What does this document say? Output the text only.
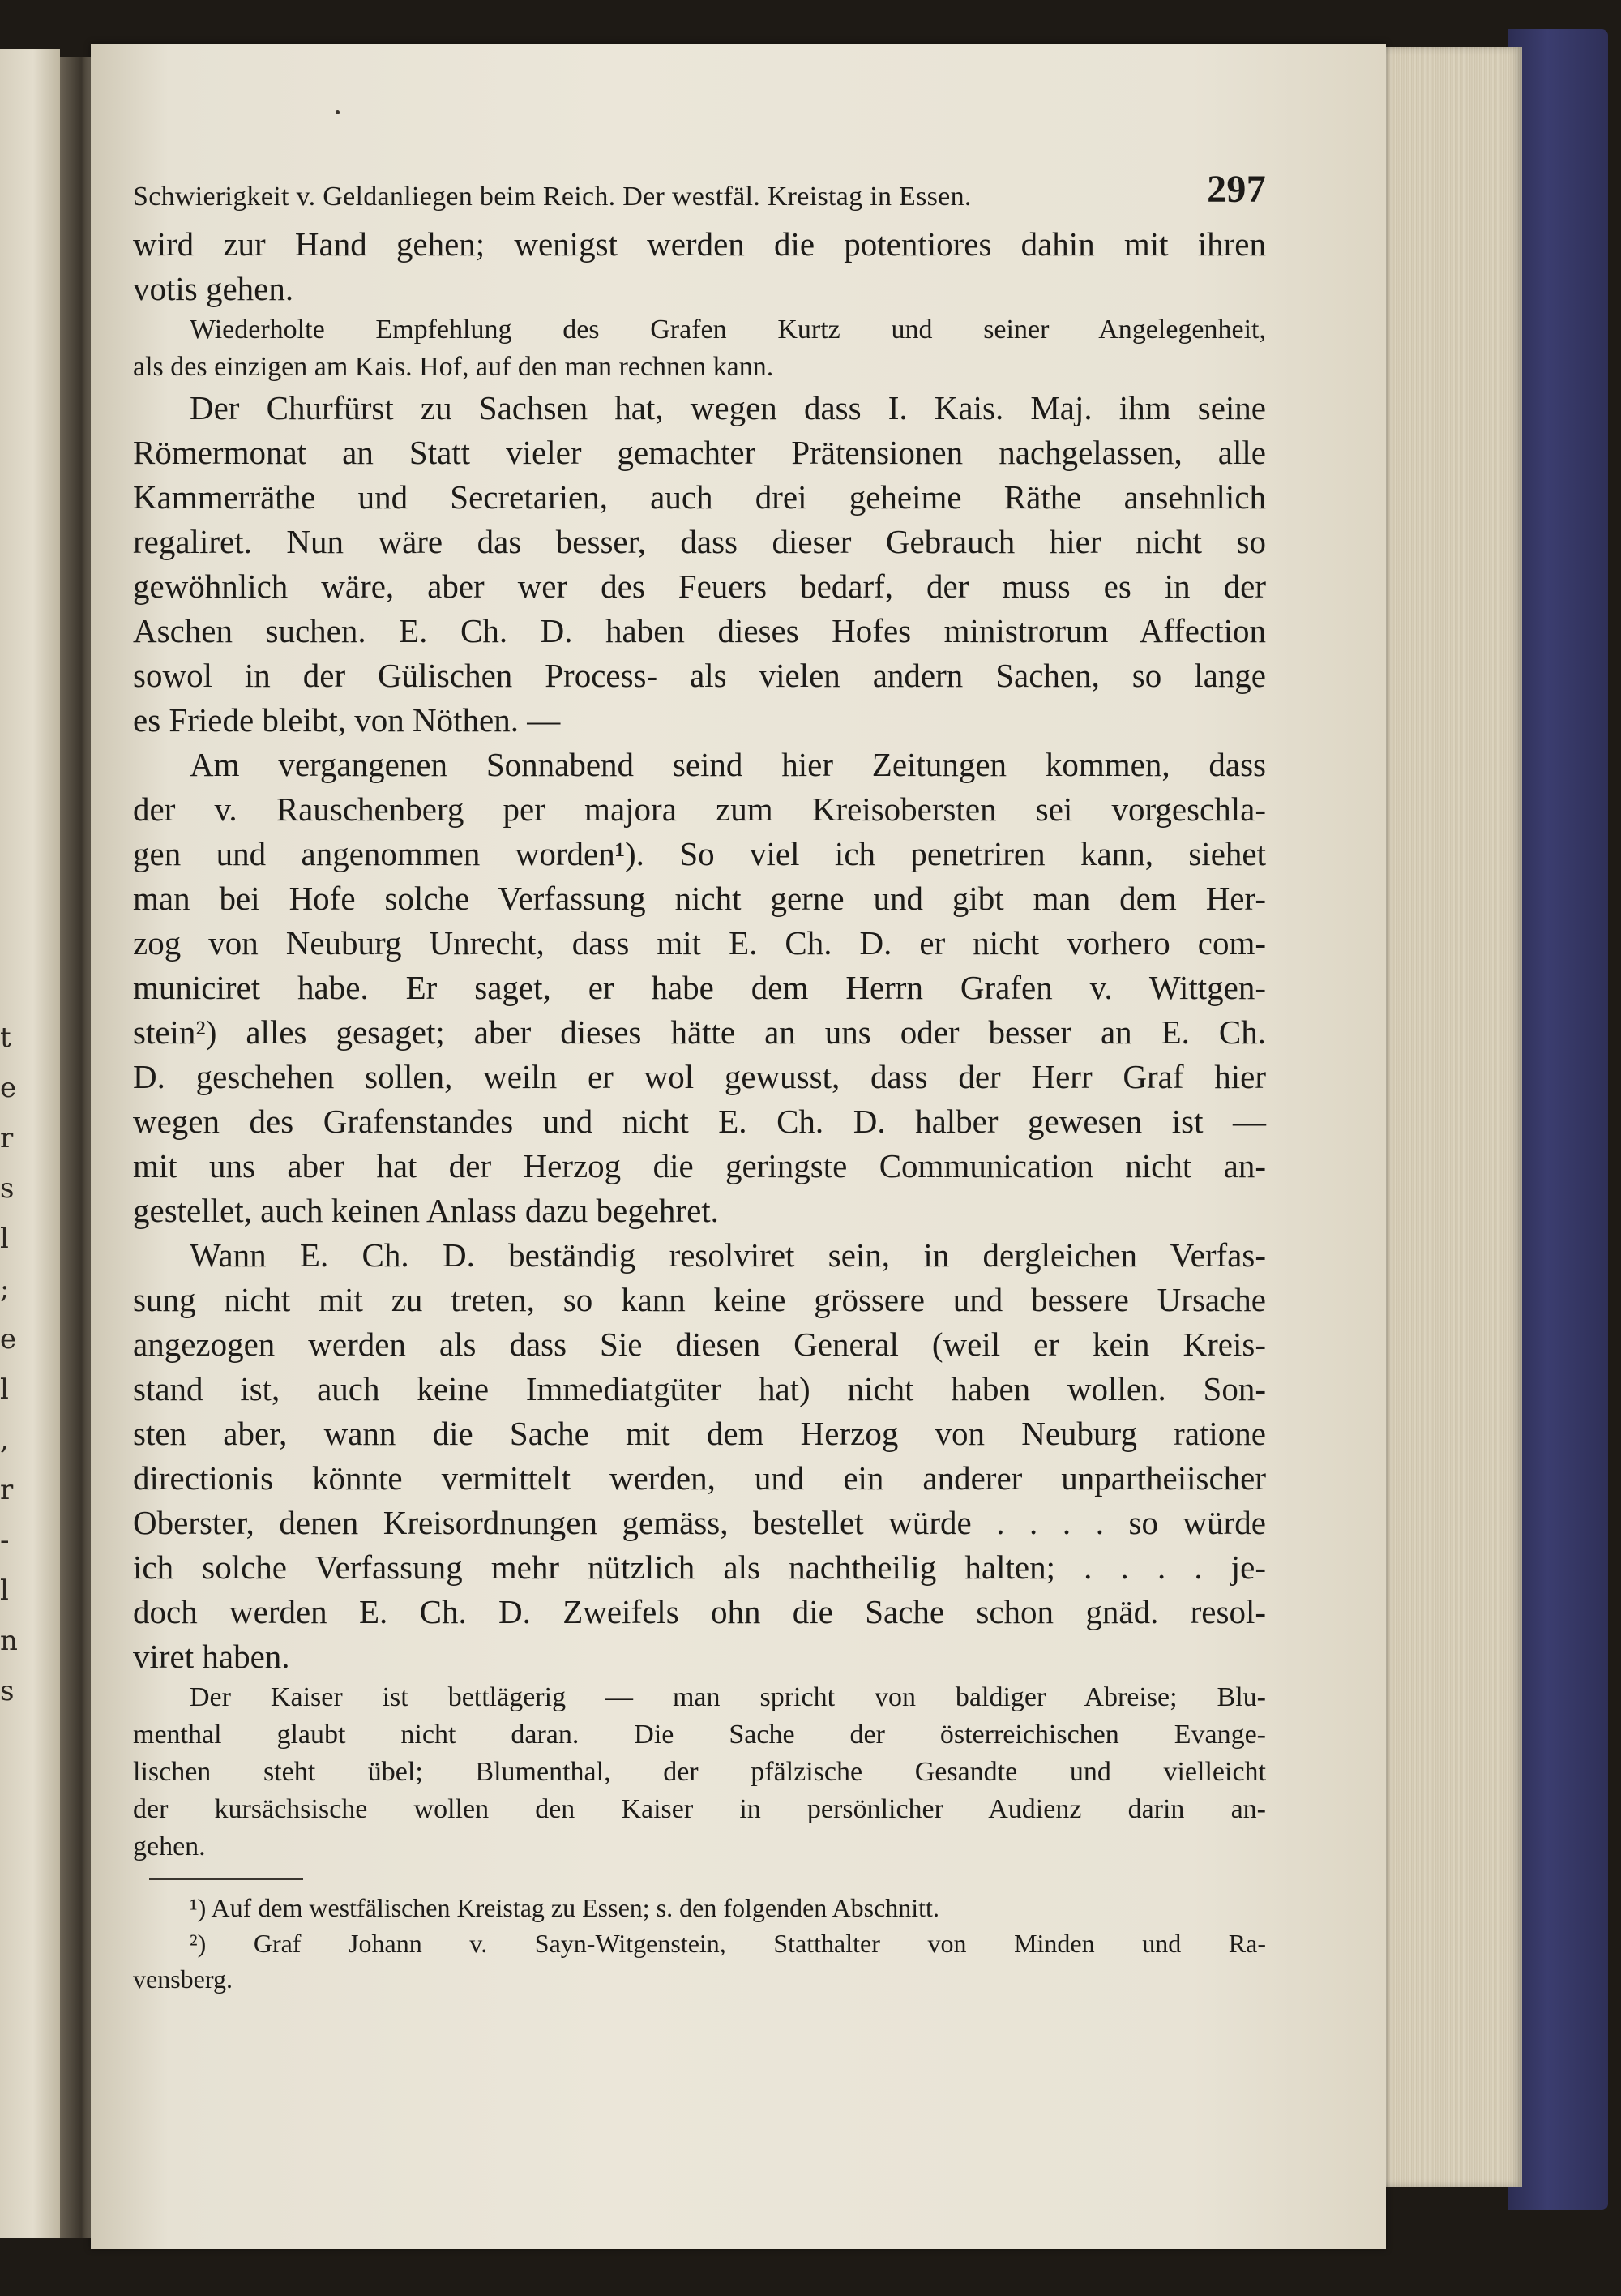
t
e
r
s
l
;
e
l
,
r
-
l
n
s
Schwierigkeit v. Geldanliegen beim Reich. Der westfäl. Kreistag in Essen.	297
wird zur Hand gehen; wenigst werden die potentiores dahin mit ihren
votis gehen.
Wiederholte Empfehlung des Grafen Kurtz und seiner Angelegenheit,
als des einzigen am Kais. Hof, auf den man rechnen kann.
Der Churfürst zu Sachsen hat, wegen dass I. Kais. Maj. ihm seine
Römermonat an Statt vieler gemachter Prätensionen nachgelassen, alle
Kammerräthe und Secretarien, auch drei geheime Räthe ansehnlich
regaliret. Nun wäre das besser, dass dieser Gebrauch hier nicht so
gewöhnlich wäre, aber wer des Feuers bedarf, der muss es in der
Aschen suchen. E. Ch. D. haben dieses Hofes ministrorum Affection
sowol in der Gülischen Process- als vielen andern Sachen, so lange
es Friede bleibt, von Nöthen. —
Am vergangenen Sonnabend seind hier Zeitungen kommen, dass
der v. Rauschenberg per majora zum Kreisobersten sei vorgeschla-
gen und angenommen worden¹). So viel ich penetriren kann, siehet
man bei Hofe solche Verfassung nicht gerne und gibt man dem Her-
zog von Neuburg Unrecht, dass mit E. Ch. D. er nicht vorhero com-
municiret habe. Er saget, er habe dem Herrn Grafen v. Wittgen-
stein²) alles gesaget; aber dieses hätte an uns oder besser an E. Ch.
D. geschehen sollen, weiln er wol gewusst, dass der Herr Graf hier
wegen des Grafenstandes und nicht E. Ch. D. halber gewesen ist —
mit uns aber hat der Herzog die geringste Communication nicht an-
gestellet, auch keinen Anlass dazu begehret.
Wann E. Ch. D. beständig resolviret sein, in dergleichen Verfas-
sung nicht mit zu treten, so kann keine grössere und bessere Ursache
angezogen werden als dass Sie diesen General (weil er kein Kreis-
stand ist, auch keine Immediatgüter hat) nicht haben wollen. Son-
sten aber, wann die Sache mit dem Herzog von Neuburg ratione
directionis könnte vermittelt werden, und ein anderer unpartheiischer
Oberster, denen Kreisordnungen gemäss, bestellet würde . . . . so würde
ich solche Verfassung mehr nützlich als nachtheilig halten; . . . . je-
doch werden E. Ch. D. Zweifels ohn die Sache schon gnäd. resol-
viret haben.
Der Kaiser ist bettlägerig — man spricht von baldiger Abreise; Blu-
menthal glaubt nicht daran. Die Sache der österreichischen Evange-
lischen steht übel; Blumenthal, der pfälzische Gesandte und vielleicht
der kursächsische wollen den Kaiser in persönlicher Audienz darin an-
gehen.
¹) Auf dem westfälischen Kreistag zu Essen; s. den folgenden Abschnitt.
²) Graf Johann v. Sayn-Witgenstein, Statthalter von Minden und Ra-
vensberg.
